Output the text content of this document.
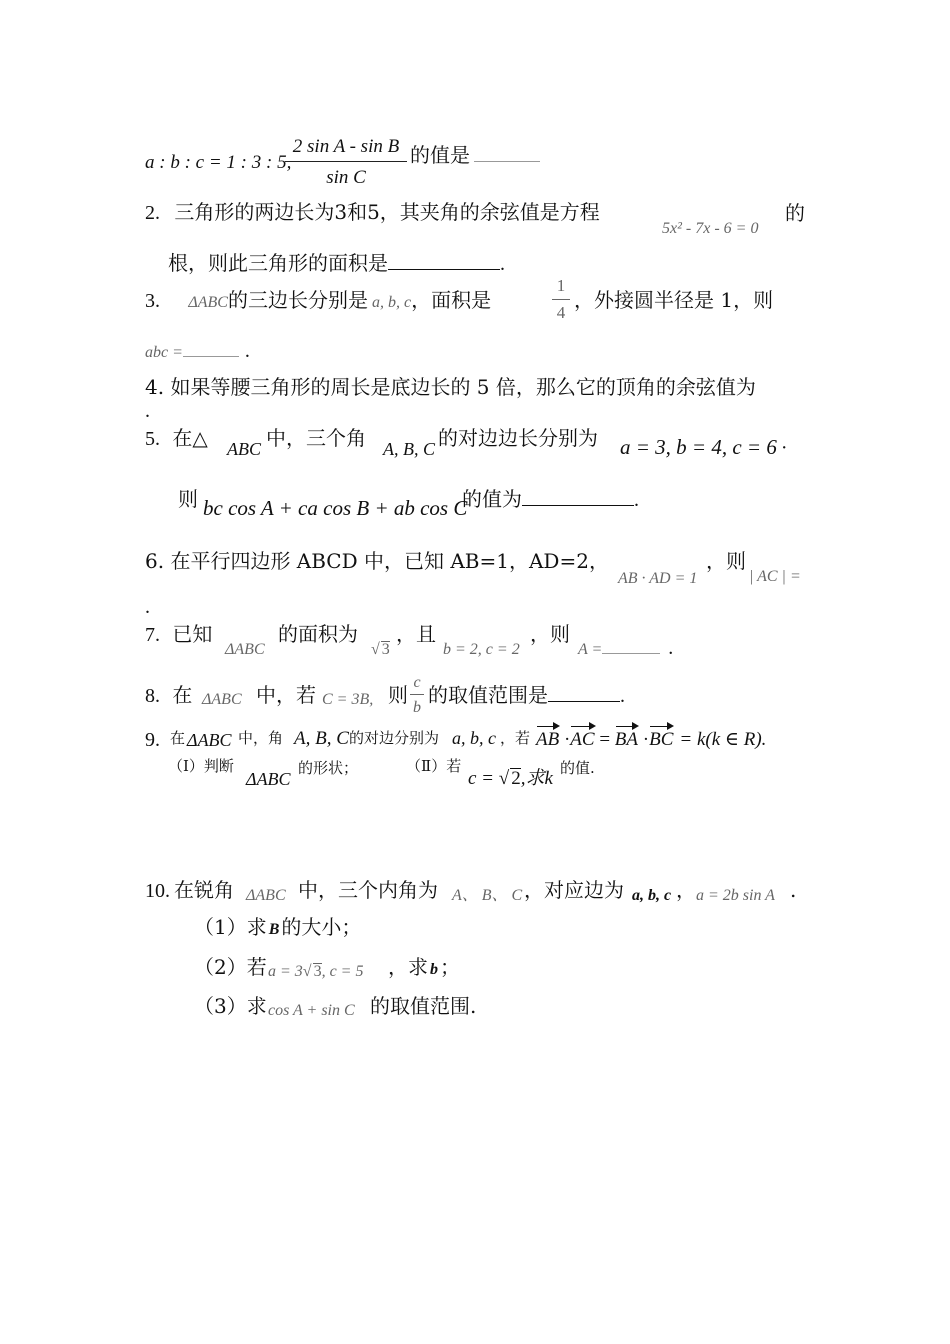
a : b : c = 1 : 3 : 5,
2 sin A - sin B
sin C
的值是
2. 三角形的两边长为3和5，其夹角的余弦值是方程
5x² - 7x - 6 = 0
的
根，则此三角形的面积是	.
3. ΔABC的三边长分别是 a, b, c，面积是
1
4
，外接圆半径是 1，则
abc =	.
4. 如果等腰三角形的周长是底边长的 5 倍，那么它的顶角的余弦值为
.
5. 在△ ABC 中，三个角 A, B, C 的对边边长分别为 a = 3, b = 4, c = 6 ·
则 bc cos A + ca cos B + ab cos C
的值为	.
6. 在平行四边形 ABCD 中，已知 AB=1，AD=2，
AB · AD = 1
，则
| AC | =
.
7. 已知
ΔABC
的面积为
√ 3
，且
b = 2, c = 2
，则
A =	.
8. 在 ΔABC 中，若 C = 3B, 则
c
b
的取值范围是	.
9. 在 ΔABC 中，角 A, B, C 的对边分别为 a, b, c ，若 AB ·AC = BA ·BC = k(k ∈ R).
（Ⅰ）判断
ΔABC
的形状；	（Ⅱ）若
c = √ 2,求k 的值.
10. 在锐角 ΔABC 中，三个内角为 A、 B、 C ，对应边为 a, b, c ， a = 2b sin A .
（1）求 B 的大小；
（2）若 a = 3√ 3, c = 5 ，求 b ；
（3）求 cos A + sin C 的取值范围.
